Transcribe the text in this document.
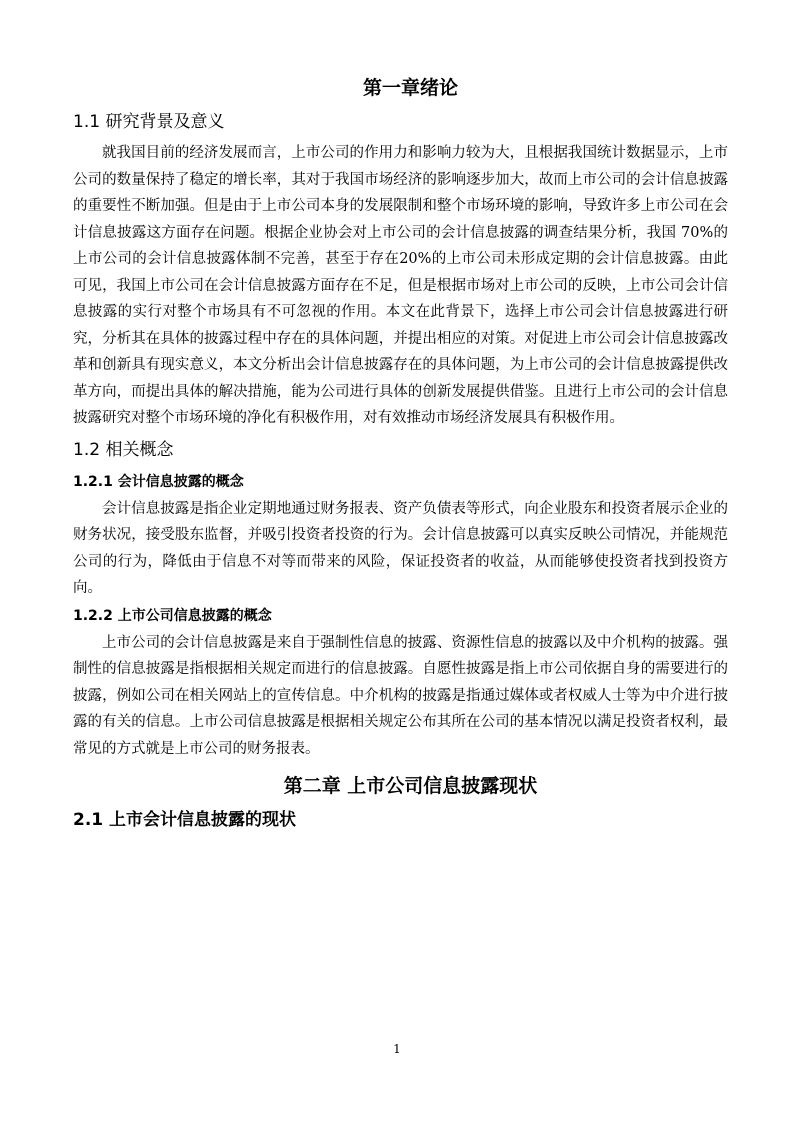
第一章绪论
1.1 研究背景及意义

就我国目前的经济发展而言，上市公司的作用力和影响力较为大，且根据我国统计数据显示，上市公司的数量保持了稳定的增长率，其对于我国市场经济的影响逐步加大，故而上市公司的会计信息披露的重要性不断加强。但是由于上市公司本身的发展限制和整个市场环境的影响，导致许多上市公司在会计信息披露这方面存在问题。根据企业协会对上市公司的会计信息披露的调查结果分析，我国 70%的上市公司的会计信息披露体制不完善，甚至于存在20%的上市公司未形成定期的会计信息披露。由此可见，我国上市公司在会计信息披露方面存在不足，但是根据市场对上市公司的反映，上市公司会计信息披露的实行对整个市场具有不可忽视的作用。本文在此背景下，选择上市公司会计信息披露进行研究，分析其在具体的披露过程中存在的具体问题，并提出相应的对策。对促进上市公司会计信息披露改革和创新具有现实意义，本文分析出会计信息披露存在的具体问题，为上市公司的会计信息披露提供改革方向，而提出具体的解决措施，能为公司进行具体的创新发展提供借鉴。且进行上市公司的会计信息披露研究对整个市场环境的净化有积极作用，对有效推动市场经济发展具有积极作用。

1.2 相关概念
1.2.1 会计信息披露的概念

会计信息披露是指企业定期地通过财务报表、资产负债表等形式，向企业股东和投资者展示企业的财务状况，接受股东监督，并吸引投资者投资的行为。会计信息披露可以真实反映公司情况，并能规范公司的行为，降低由于信息不对等而带来的风险，保证投资者的收益，从而能够使投资者找到投资方向。

1.2.2 上市公司信息披露的概念

上市公司的会计信息披露是来自于强制性信息的披露、资源性信息的披露以及中介机构的披露。强制性的信息披露是指根据相关规定而进行的信息披露。自愿性披露是指上市公司依据自身的需要进行的披露，例如公司在相关网站上的宣传信息。中介机构的披露是指通过媒体或者权威人士等为中介进行披露的有关的信息。上市公司信息披露是根据相关规定公布其所在公司的基本情况以满足投资者权利，最常见的方式就是上市公司的财务报表。

第二章 上市公司信息披露现状
2.1 上市会计信息披露的现状
1
